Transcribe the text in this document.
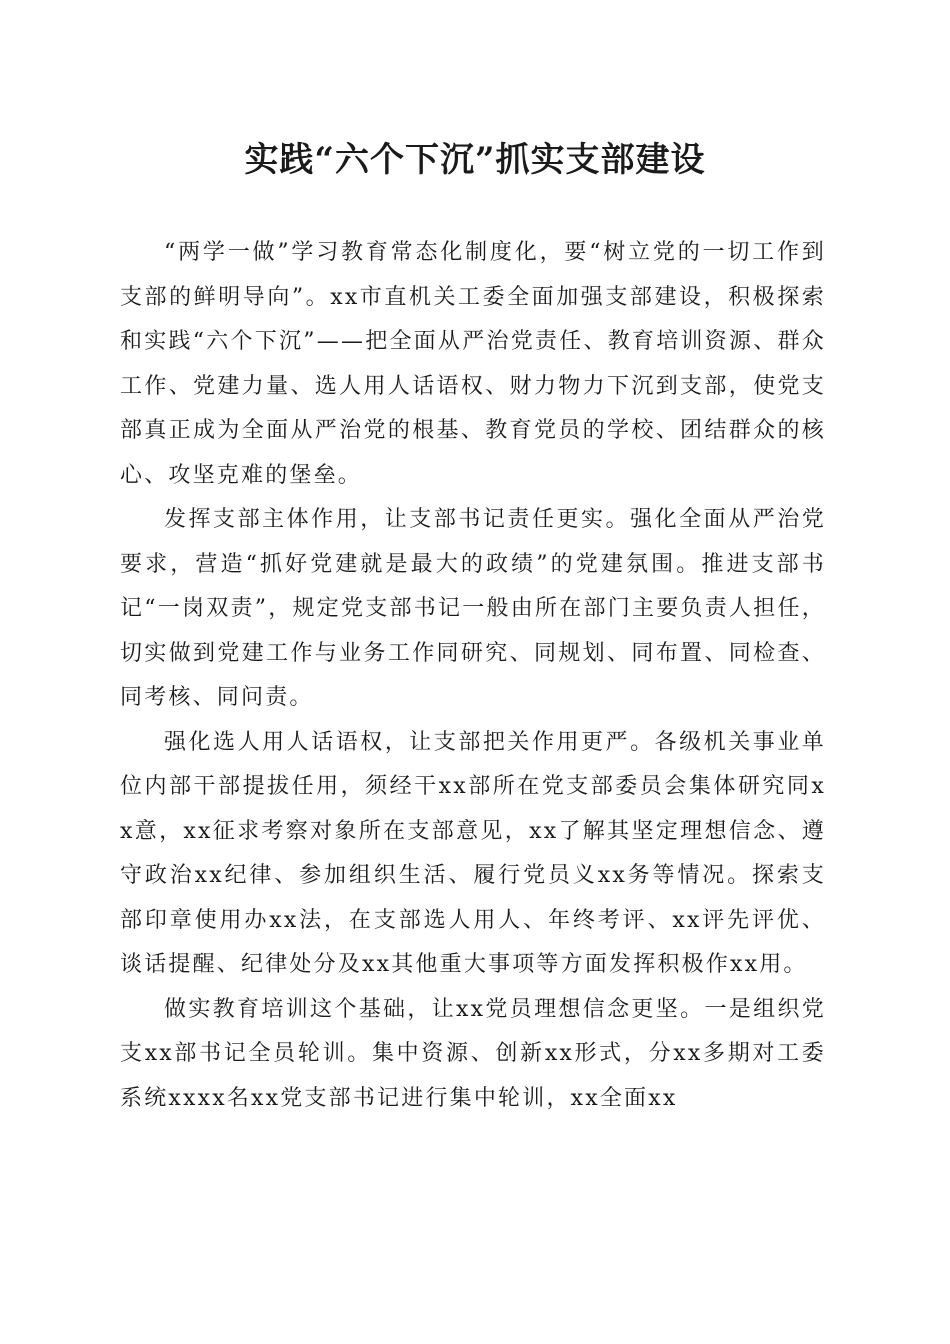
实践“六个下沉”抓实支部建设

“两学一做”学习教育常态化制度化，要“树立党的一切工作到支部的鲜明导向”。xx市直机关工委全面加强支部建设，积极探索和实践“六个下沉”——把全面从严治党责任、教育培训资源、群众工作、党建力量、选人用人话语权、财力物力下沉到支部，使党支部真正成为全面从严治党的根基、教育党员的学校、团结群众的核心、攻坚克难的堡垒。

发挥支部主体作用，让支部书记责任更实。强化全面从严治党要求，营造“抓好党建就是最大的政绩”的党建氛围。推进支部书记“一岗双责”，规定党支部书记一般由所在部门主要负责人担任，切实做到党建工作与业务工作同研究、同规划、同布置、同检查、同考核、同问责。

强化选人用人话语权，让支部把关作用更严。各级机关事业单位内部干部提拔任用，须经干xx部所在党支部委员会集体研究同xx意，xx征求考察对象所在支部意见，xx了解其坚定理想信念、遵守政治xx纪律、参加组织生活、履行党员义xx务等情况。探索支部印章使用办xx法，在支部选人用人、年终考评、xx评先评优、谈话提醒、纪律处分及xx其他重大事项等方面发挥积极作xx用。

做实教育培训这个基础，让xx党员理想信念更坚。一是组织党支xx部书记全员轮训。集中资源、创新xx形式，分xx多期对工委系统xxxx名xx党支部书记进行集中轮训，xx全面xx
